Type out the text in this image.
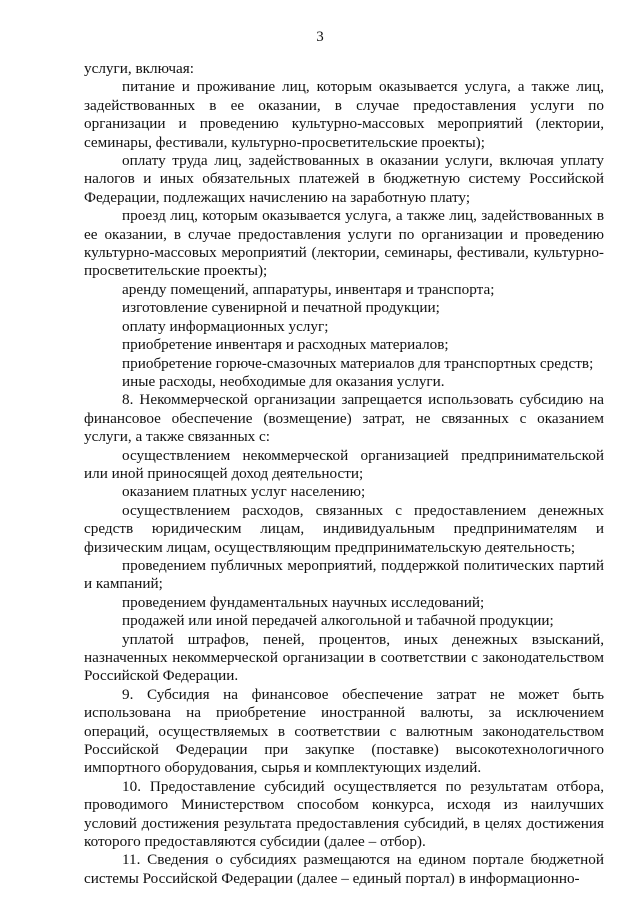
3

услуги, включая:

питание и проживание лиц, которым оказывается услуга, а также лиц, задействованных в ее оказании, в случае предоставления услуги по организации и проведению культурно-массовых мероприятий (лектории, семинары, фестивали, культурно-просветительские проекты);

оплату труда лиц, задействованных в оказании услуги, включая уплату налогов и иных обязательных платежей в бюджетную систему Российской Федерации, подлежащих начислению на заработную плату;

проезд лиц, которым оказывается услуга, а также лиц, задействованных в ее оказании, в случае предоставления услуги по организации и проведению культурно-массовых мероприятий (лектории, семинары, фестивали, культурно-просветительские проекты);

аренду помещений, аппаратуры, инвентаря и транспорта;

изготовление сувенирной и печатной продукции;

оплату информационных услуг;

приобретение инвентаря и расходных материалов;

приобретение горюче-смазочных материалов для транспортных средств;

иные расходы, необходимые для оказания услуги.

8. Некоммерческой организации запрещается использовать субсидию на финансовое обеспечение (возмещение) затрат, не связанных с оказанием услуги, а также связанных с:

осуществлением некоммерческой организацией предпринимательской или иной приносящей доход деятельности;

оказанием платных услуг населению;

осуществлением расходов, связанных с предоставлением денежных средств юридическим лицам, индивидуальным предпринимателям и физическим лицам, осуществляющим предпринимательскую деятельность;

проведением публичных мероприятий, поддержкой политических партий и кампаний;

проведением фундаментальных научных исследований;

продажей или иной передачей алкогольной и табачной продукции;

уплатой штрафов, пеней, процентов, иных денежных взысканий, назначенных некоммерческой организации в соответствии с законодательством Российской Федерации.

9. Субсидия на финансовое обеспечение затрат не может быть использована на приобретение иностранной валюты, за исключением операций, осуществляемых в соответствии с валютным законодательством Российской Федерации при закупке (поставке) высокотехнологичного импортного оборудования, сырья и комплектующих изделий.

10. Предоставление субсидий осуществляется по результатам отбора, проводимого Министерством способом конкурса, исходя из наилучших условий достижения результата предоставления субсидий, в целях достижения которого предоставляются субсидии (далее – отбор).

11. Сведения о субсидиях размещаются на едином портале бюджетной системы Российской Федерации (далее – единый портал) в информационно-
